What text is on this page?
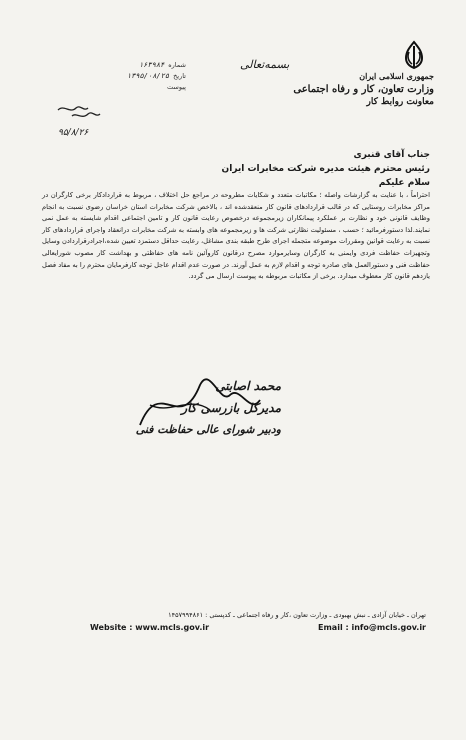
جمهوری اسلامی ایران
وزارت تعاون، کار و رفاه اجتماعی
معاونت روابط کار
بسمه‌تعالی
شماره
۱۶۳۹۸۴
تاریخ
۱۳۹۵/۰۸/۲۵
پیوست
۹۵/۸/۲۶
جناب آقای قنبری
رئیس محترم هیئت مدیره شرکت مخابرات ایران
سلام علیکم

احتراماً ، با عنایت به گزارشات واصله ؛ مکاتبات متعدد و شکایات مطروحه در مراجع حل اختلاف ، مربوط به قراردادکار برخی کارگران در مراکز مخابرات روستایی که در قالب قراردادهای قانون کار منعقدشده اند ، بالاخص شرکت مخابرات استان خراسان رضوی نسبت به انجام وظایف قانونی خود و نظارت بر عملکرد پیمانکاران زیرمجموعه درخصوص رعایت قانون کار و تامین اجتماعی اقدام شایسته به عمل نمی نمایند.لذا دستورفرمائید ؛ حسب ، مسئولیت نظارتی شرکت ها و زیرمجموعه های وابسته به شرکت مخابرات درانعقاد واجرای قراردادهای کار نسبت به رعایت قوانین ومقررات موضوعه متجمله اجرای طرح طبقه بندی مشاغل، رعایت حداقل دستمزد تعیین شده،اجرادرقراردادن وسایل وتجهیزات حفاظت فردی وایمنی به کارگران وسایرموارد مصرح درقانون کاروآئین نامه های حفاظتی و بهداشت کار مصوب شورایعالی حفاظت فنی و دستورالعمل های صادره توجه و اقدام لازم به عمل آورند. در صورت عدم اقدام عاجل توجه کارفرمایان محترم را به مفاد فصل یازدهم قانون کار معطوف میدارد. برخی از مکاتبات مربوطه به پیوست ارسال می گردد.

محمد اصابتی
مدیرکل بازرسی کار
ودبیر شورای عالی حفاظت فنی
تهران ـ خیابان آزادی ـ نبش بهبودی ـ وزارت تعاون ،کار و رفاه اجتماعی ـ کدپستی : ۱۴۵۷۹۹۴۸۶۱
Website : www.mcls.gov.ir	Email : info@mcls.gov.ir
